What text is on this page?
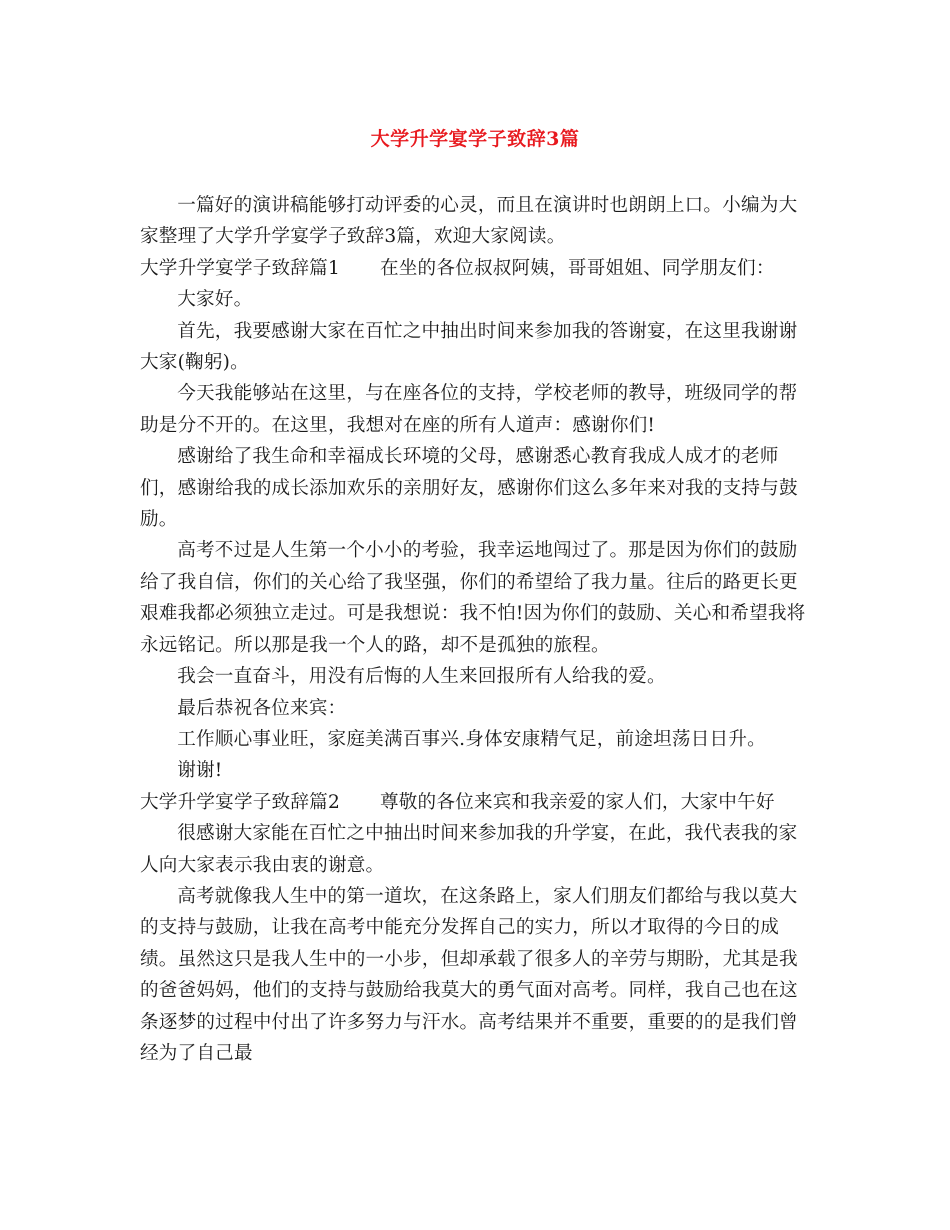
大学升学宴学子致辞3篇

一篇好的演讲稿能够打动评委的心灵，而且在演讲时也朗朗上口。小编为大家整理了大学升学宴学子致辞3篇，欢迎大家阅读。

大学升学宴学子致辞篇1 在坐的各位叔叔阿姨，哥哥姐姐、同学朋友们：

大家好。

首先，我要感谢大家在百忙之中抽出时间来参加我的答谢宴，在这里我谢谢大家(鞠躬)。

今天我能够站在这里，与在座各位的支持，学校老师的教导，班级同学的帮助是分不开的。在这里，我想对在座的所有人道声：感谢你们!

感谢给了我生命和幸福成长环境的父母，感谢悉心教育我成人成才的老师们，感谢给我的成长添加欢乐的亲朋好友，感谢你们这么多年来对我的支持与鼓励。

高考不过是人生第一个小小的考验，我幸运地闯过了。那是因为你们的鼓励给了我自信，你们的关心给了我坚强，你们的希望给了我力量。往后的路更长更艰难我都必须独立走过。可是我想说：我不怕!因为你们的鼓励、关心和希望我将永远铭记。所以那是我一个人的路，却不是孤独的旅程。

我会一直奋斗，用没有后悔的人生来回报所有人给我的爱。

最后恭祝各位来宾：

工作顺心事业旺，家庭美满百事兴.身体安康精气足，前途坦荡日日升。

谢谢!

大学升学宴学子致辞篇2 尊敬的各位来宾和我亲爱的家人们，大家中午好

很感谢大家能在百忙之中抽出时间来参加我的升学宴，在此，我代表我的家人向大家表示我由衷的谢意。

高考就像我人生中的第一道坎，在这条路上，家人们朋友们都给与我以莫大的支持与鼓励，让我在高考中能充分发挥自己的实力，所以才取得的今日的成绩。虽然这只是我人生中的一小步，但却承载了很多人的辛劳与期盼，尤其是我的爸爸妈妈，他们的支持与鼓励给我莫大的勇气面对高考。同样，我自己也在这条逐梦的过程中付出了许多努力与汗水。高考结果并不重要，重要的的是我们曾经为了自己最
